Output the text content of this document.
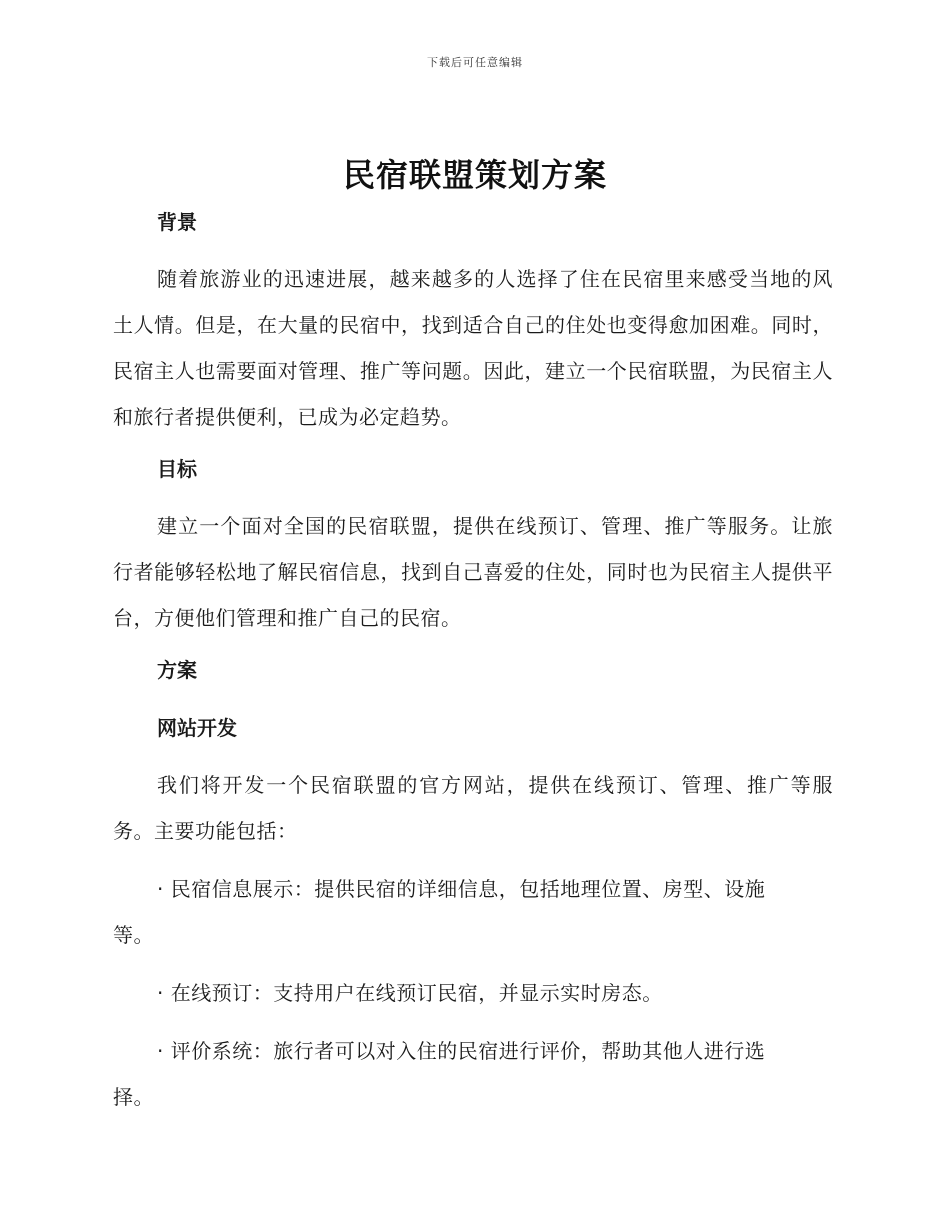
下载后可任意编辑
民宿联盟策划方案

背景

随着旅游业的迅速进展，越来越多的人选择了住在民宿里来感受当地的风土人情。但是，在大量的民宿中，找到适合自己的住处也变得愈加困难。同时，民宿主人也需要面对管理、推广等问题。因此，建立一个民宿联盟，为民宿主人和旅行者提供便利，已成为必定趋势。

目标

建立一个面对全国的民宿联盟，提供在线预订、管理、推广等服务。让旅行者能够轻松地了解民宿信息，找到自己喜爱的住处，同时也为民宿主人提供平台，方便他们管理和推广自己的民宿。

方案

网站开发

我们将开发一个民宿联盟的官方网站，提供在线预订、管理、推广等服务。主要功能包括：

· 民宿信息展示：提供民宿的详细信息，包括地理位置、房型、设施等。

· 在线预订：支持用户在线预订民宿，并显示实时房态。

· 评价系统：旅行者可以对入住的民宿进行评价，帮助其他人进行选择。
